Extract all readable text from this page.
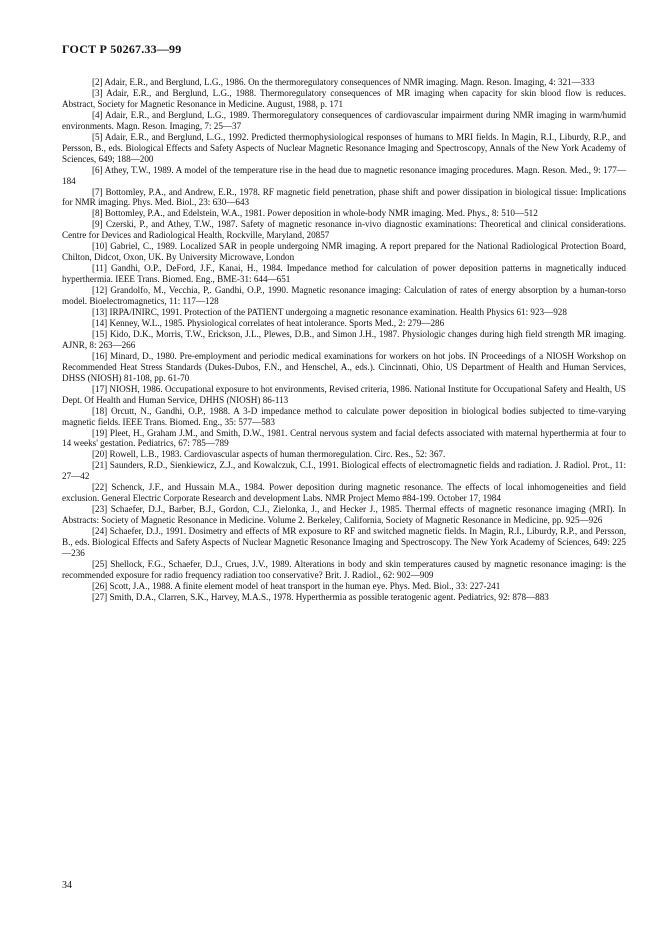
ГОСТ Р 50267.33—99

[2] Adair, E.R., and Berglund, L.G., 1986. On the thermoregulatory consequences of NMR imaging. Magn. Reson. Imaging, 4: 321—333

[3] Adair, E.R., and Berglund, L.G., 1988. Thermoregulatory consequences of MR imaging when capacity for skin blood flow is reduces. Abstract, Society for Magnetic Resonance in Medicine. August, 1988, p. 171

[4] Adair, E.R., and Berglund, L.G., 1989. Thermoregulatory consequences of cardiovascular impairment during NMR imaging in warm/humid environments. Magn. Reson. Imaging, 7: 25—37

[5] Adair, E.R., and Berglund, L.G., 1992. Predicted thermophysiological responses of humans to MRI fields. In Magin, R.I., Liburdy, R.P., and Persson, B., eds. Biological Effects and Safety Aspects of Nuclear Magnetic Resonance Imaging and Spectroscopy, Annals of the New York Academy of Sciences, 649; 188—200

[6] Athey, T.W., 1989. A model of the temperature rise in the head due to magnetic resonance imaging procedures. Magn. Reson. Med., 9: 177—184

[7] Bottomley, P.A., and Andrew, E.R., 1978. RF magnetic field penetration, phase shift and power dissipation in biological tissue: Implications for NMR imaging. Phys. Med. Biol., 23: 630—643

[8] Bottomley, P.A., and Edelstein, W.A., 1981. Power deposition in whole-body NMR imaging. Med. Phys., 8: 510—512

[9] Czerski, P., and Athey, T.W., 1987. Safety of magnetic resonance in-vivo diagnostic examinations: Theoretical and clinical considerations. Centre for Devices and Radiological Health, Rockville, Maryland, 20857

[10] Gabriel, C., 1989. Localized SAR in people undergoing NMR imaging. A report prepared for the National Radiological Protection Board, Chilton, Didcot, Oxon, UK. By University Microwave, London

[11] Gandhi, O.P., DeFord, J.F., Kanai, H., 1984. Impedance method for calculation of power deposition patterns in magnetically induced hyperthermia. IEEE Trans. Biomed. Eng., BME-31: 644—651

[12] Grandolfo, M., Vecchia, P,. Gandhi, O.P., 1990. Magnetic resonance imaging: Calculation of rates of energy absorption by a human-torso model. Bioelectromagnetics, 11: 117—128

[13] IRPA/INIRC, 1991. Protection of the PATIENT undergoing a magnetic resonance examination. Health Physics 61: 923—928

[14] Kenney, W.L., 1985. Physiological correlates of heat intolerance. Sports Med., 2: 279—286

[15] Kido, D.K., Morris, T.W., Erickson, J.L., Plewes, D.B., and Simon J.H., 1987. Physiologic changes during high field strength MR imaging. AJNR, 8: 263—266

[16] Minard, D., 1980. Pre-employment and periodic medical examinations for workers on hot jobs. IN Proceedings of a NIOSH Workshop on Recommended Heat Stress Standards (Dukes-Dubos, F.N., and Henschel, A., eds.). Cincinnati, Ohio, US Department of Health and Human Services, DHSS (NIOSH) 81-108, pp. 61-70

[17] NIOSH, 1986. Occupational exposure to hot environments, Revised criteria, 1986. National Institute for Occupational Safety and Health, US Dept. Of Health and Human Service, DHHS (NIOSH) 86-113

[18] Orcutt, N., Gandhi, O.P., 1988. A 3-D impedance method to calculate power deposition in biological bodies subjected to time-varying magnetic fields. IEEE Trans. Biomed. Eng., 35: 577—583

[19] Pleet, H., Graham J.M., and Smith, D.W., 1981. Central nervous system and facial defects associated with maternal hyperthermia at four to 14 weeks' gestation. Pediatrics, 67: 785—789

[20] Rowell, L.B., 1983. Cardiovascular aspects of human thermoregulation. Circ. Res., 52: 367.

[21] Saunders, R.D., Sienkiewicz, Z.J., and Kowalczuk, C.I., 1991. Biological effects of electromagnetic fields and radiation. J. Radiol. Prot., 11: 27—42

[22] Schenck, J.F., and Hussain M.A., 1984. Power deposition during magnetic resonance. The effects of local inhomogeneities and field exclusion. General Electric Corporate Research and development Labs. NMR Project Memo #84-199. October 17, 1984

[23] Schaefer, D.J., Barber, B.J., Gordon, C.J., Zielonka, J., and Hecker J., 1985. Thermal effects of magnetic resonance imaging (MRI). In Abstracts: Society of Magnetic Resonance in Medicine. Volume 2. Berkeley, California, Society of Magnetic Resonance in Medicine, pp. 925—926

[24] Schaefer, D.J., 1991. Dosimetry and effects of MR exposure to RF and switched magnetic fields. In Magin, R.I., Liburdy, R.P., and Persson, B., eds. Biological Effects and Safety Aspects of Nuclear Magnetic Resonance Imaging and Spectroscopy. The New York Academy of Sciences, 649: 225—236

[25] Shellock, F.G., Schaefer, D.J., Crues, J.V., 1989. Alterations in body and skin temperatures caused by magnetic resonance imaging: is the recommended exposure for radio frequency radiation too conservative? Brit. J. Radiol., 62: 902—909

[26] Scott, J.A., 1988. A finite element model of heat transport in the human eye. Phys. Med. Biol., 33: 227-241

[27] Smith, D.A., Clarren, S.K., Harvey, M.A.S., 1978. Hyperthermia as possible teratogenic agent. Pediatrics, 92: 878—883

34
